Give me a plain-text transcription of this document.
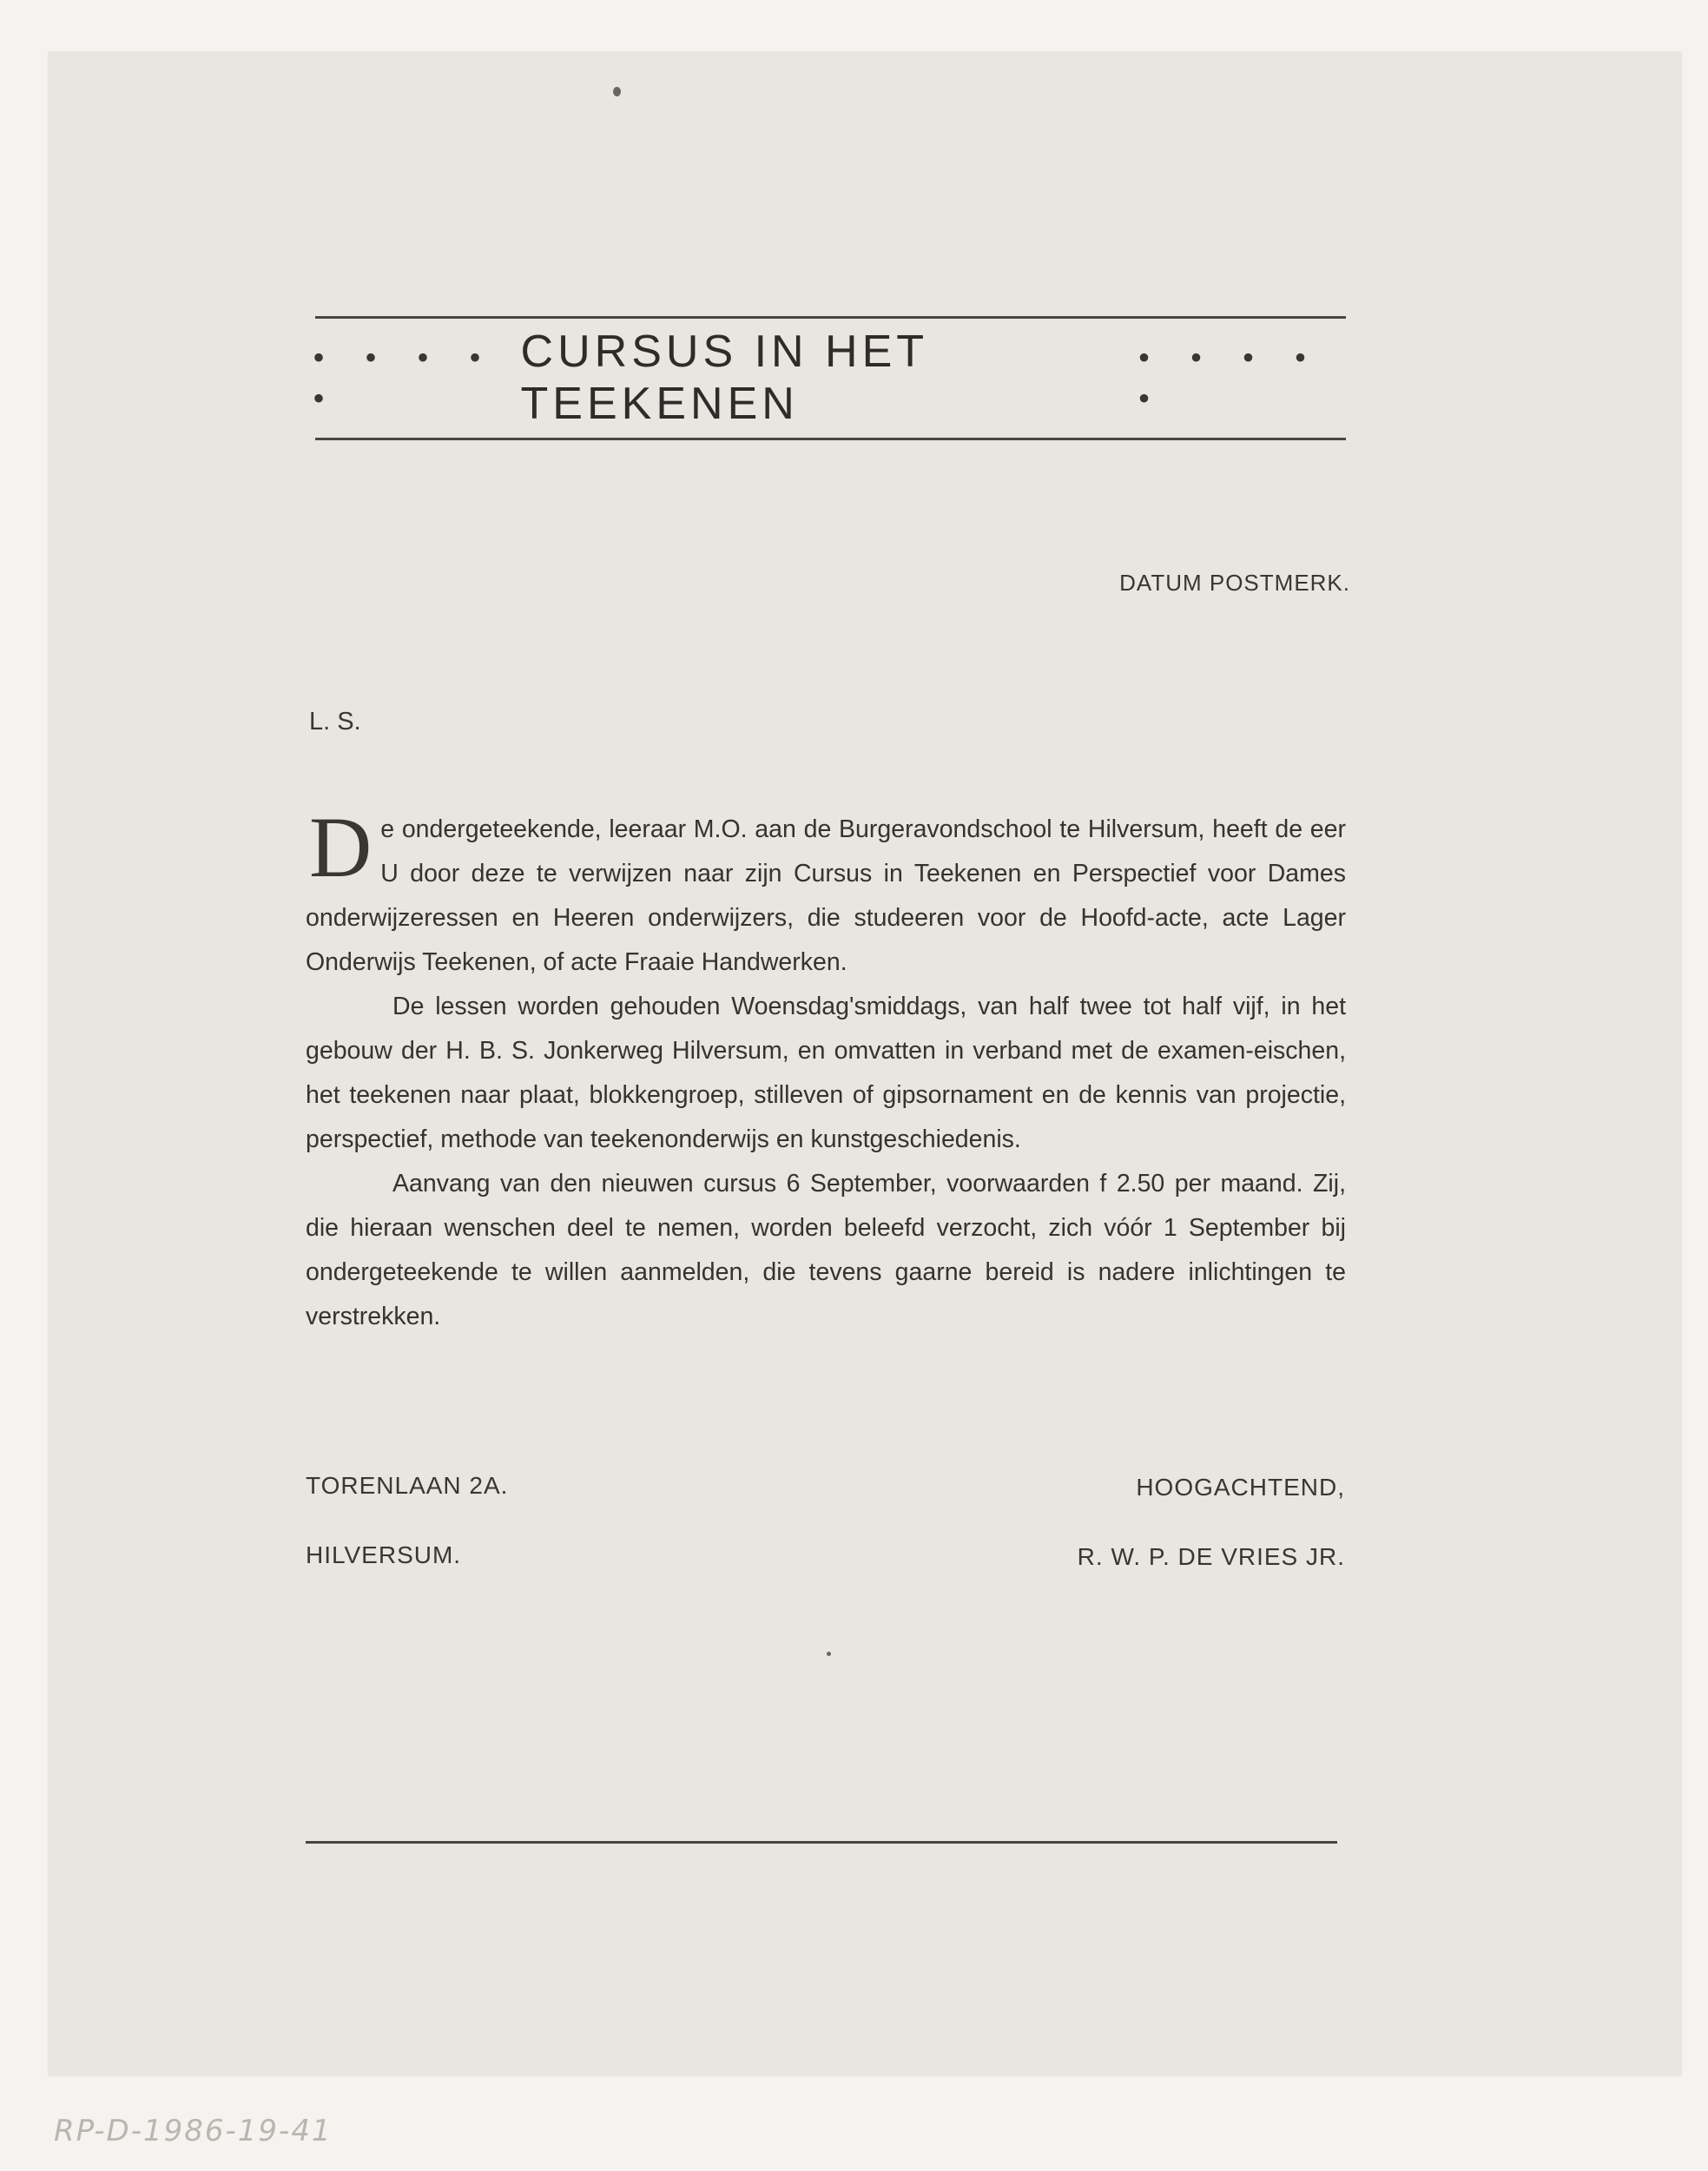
• • • • •
CURSUS IN HET TEEKENEN
• • • • •
DATUM POSTMERK.
L. S.

De ondergeteekende, leeraar M.O. aan de Burgeravondschool te Hilversum, heeft de eer U door deze te verwijzen naar zijn Cursus in Teekenen en Perspectief voor Dames onderwijzeressen en Heeren onderwijzers, die studeeren voor de Hoofd-acte, acte Lager Onderwijs Teekenen, of acte Fraaie Handwerken.

De lessen worden gehouden Woensdag'smiddags, van half twee tot half vijf, in het gebouw der H. B. S. Jonkerweg Hilversum, en omvatten in verband met de examen-eischen, het teekenen naar plaat, blokkengroep, stilleven of gipsornament en de kennis van projectie, perspectief, methode van teekenonderwijs en kunstgeschiedenis.

Aanvang van den nieuwen cursus 6 September, voorwaarden f 2.50 per maand. Zij, die hieraan wenschen deel te nemen, worden beleefd verzocht, zich vóór 1 September bij ondergeteekende te willen aanmelden, die tevens gaarne bereid is nadere inlichtingen te verstrekken.

TORENLAAN 2A.
HILVERSUM.
HOOGACHTEND,
R. W. P. DE VRIES JR.
RP-D-1986-19-41
